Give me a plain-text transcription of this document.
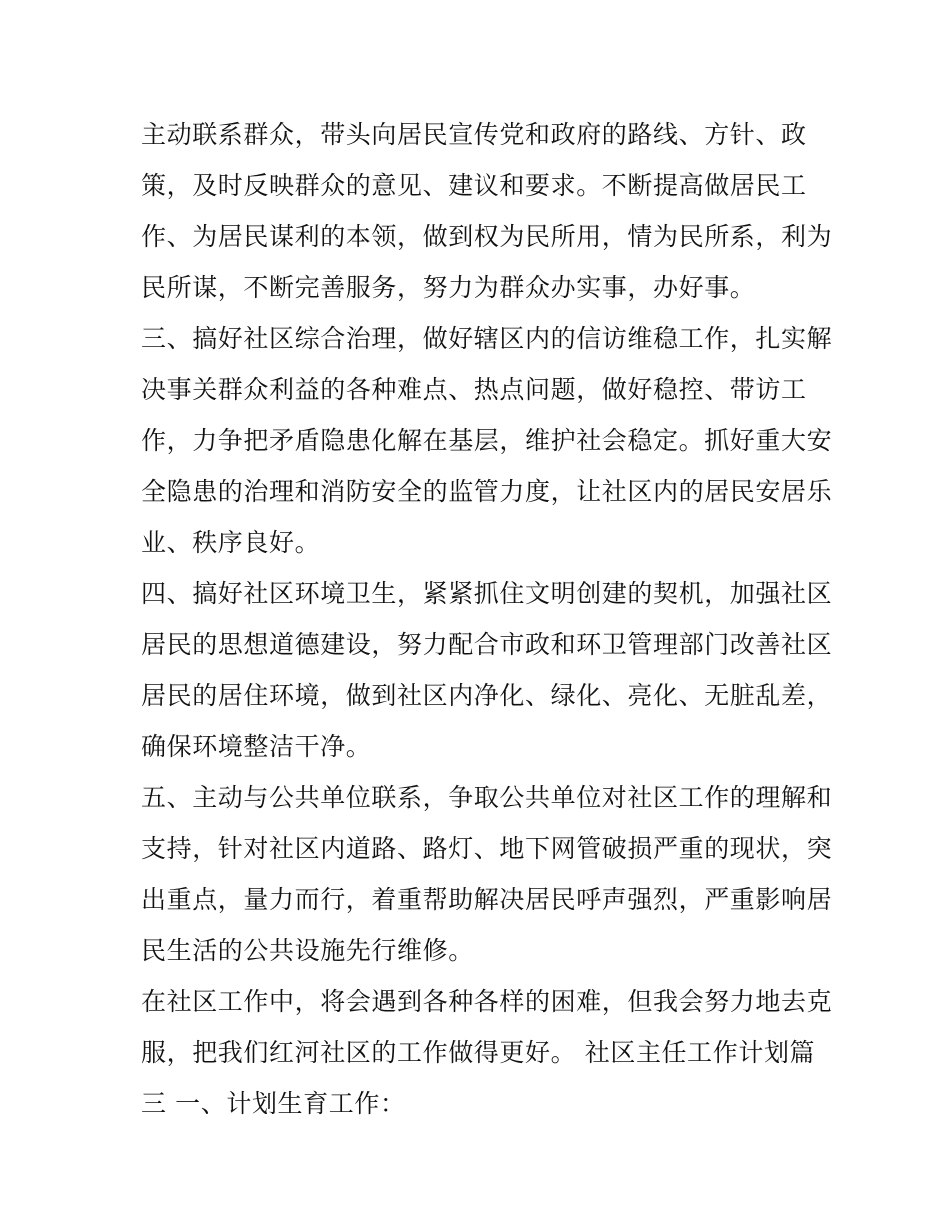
主动联系群众，带头向居民宣传党和政府的路线、方针、政
策，及时反映群众的意见、建议和要求。不断提高做居民工
作、为居民谋利的本领，做到权为民所用，情为民所系，利为
民所谋，不断完善服务，努力为群众办实事，办好事。
三、搞好社区综合治理，做好辖区内的信访维稳工作，扎实解
决事关群众利益的各种难点、热点问题，做好稳控、带访工
作，力争把矛盾隐患化解在基层，维护社会稳定。抓好重大安
全隐患的治理和消防安全的监管力度，让社区内的居民安居乐
业、秩序良好。
四、搞好社区环境卫生，紧紧抓住文明创建的契机，加强社区
居民的思想道德建设，努力配合市政和环卫管理部门改善社区
居民的居住环境，做到社区内净化、绿化、亮化、无脏乱差，
确保环境整洁干净。
五、主动与公共单位联系，争取公共单位对社区工作的理解和
支持，针对社区内道路、路灯、地下网管破损严重的现状，突
出重点，量力而行，着重帮助解决居民呼声强烈，严重影响居
民生活的公共设施先行维修。
在社区工作中，将会遇到各种各样的困难，但我会努力地去克
服，把我们红河社区的工作做得更好。 社区主任工作计划篇
三 一、计划生育工作：
